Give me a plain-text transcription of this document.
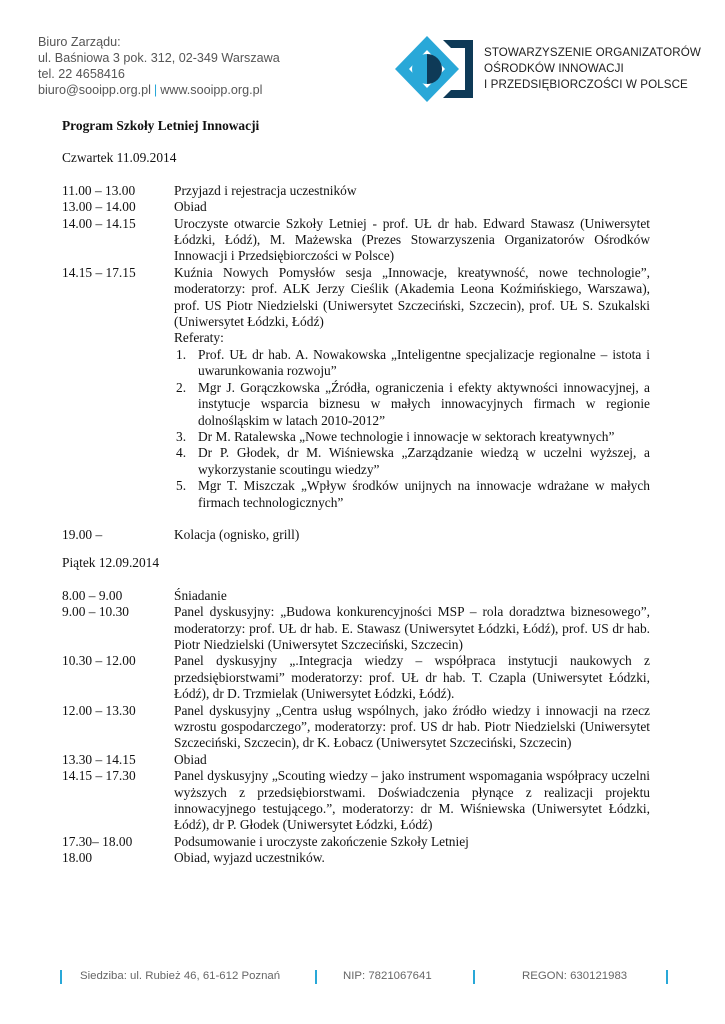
Biuro Zarządu:
ul. Baśniowa 3 pok. 312, 02-349 Warszawa
tel. 22 4658416
biuro@sooipp.org.pl | www.sooipp.org.pl
STOWARZYSZENIE ORGANIZATORÓW
OŚRODKÓW INNOWACJI
I PRZEDSIĘBIORCZOŚCI W POLSCE
Program Szkoły Letniej Innowacji
Czwartek 11.09.2014
11.00 – 13.00	Przyjazd i rejestracja uczestników
13.00 – 14.00	Obiad
14.00 – 14.15	Uroczyste otwarcie Szkoły Letniej - prof. UŁ dr hab. Edward Stawasz (Uniwersytet Łódzki, Łódź), M. Mażewska (Prezes Stowarzyszenia Organizatorów Ośrodków Innowacji i Przedsiębiorczości w Polsce)
14.15 – 17.15	Kuźnia Nowych Pomysłów sesja „Innowacje, kreatywność, nowe technologie”, moderatorzy: prof. ALK Jerzy Cieślik (Akademia Leona Koźmińskiego, Warszawa), prof. US Piotr Niedzielski (Uniwersytet Szczeciński, Szczecin), prof. UŁ S. Szukalski (Uniwersytet Łódzki, Łódź)
Referaty:
1. Prof. UŁ dr hab. A. Nowakowska „Inteligentne specjalizacje regionalne – istota i uwarunkowania rozwoju”
2. Mgr J. Gorączkowska „Źródła, ograniczenia i efekty aktywności innowacyjnej, a instytucje wsparcia biznesu w małych innowacyjnych firmach w regionie dolnośląskim w latach 2010-2012”
3. Dr M. Ratalewska „Nowe technologie i innowacje w sektorach kreatywnych”
4. Dr P. Głodek, dr M. Wiśniewska „Zarządzanie wiedzą w uczelni wyższej, a wykorzystanie scoutingu wiedzy”
5. Mgr T. Miszczak „Wpływ środków unijnych na innowacje wdrażane w małych firmach technologicznych”
19.00 –	Kolacja (ognisko, grill)
Piątek 12.09.2014
8.00 – 9.00	Śniadanie
9.00 – 10.30	Panel dyskusyjny: „Budowa konkurencyjności MSP – rola doradztwa biznesowego”, moderatorzy: prof. UŁ dr hab. E. Stawasz (Uniwersytet Łódzki, Łódź), prof. US dr hab. Piotr Niedzielski (Uniwersytet Szczeciński, Szczecin)
10.30 – 12.00	Panel dyskusyjny „.Integracja wiedzy – współpraca instytucji naukowych z przedsiębiorstwami” moderatorzy: prof. UŁ dr hab. T. Czapla (Uniwersytet Łódzki, Łódź), dr D. Trzmielak (Uniwersytet Łódzki, Łódź).
12.00 – 13.30	Panel dyskusyjny „Centra usług wspólnych, jako źródło wiedzy i innowacji na rzecz wzrostu gospodarczego”, moderatorzy: prof. US dr hab. Piotr Niedzielski (Uniwersytet Szczeciński, Szczecin), dr K. Łobacz (Uniwersytet Szczeciński, Szczecin)
13.30 – 14.15	Obiad
14.15 – 17.30	Panel dyskusyjny „Scouting wiedzy – jako instrument wspomagania współpracy uczelni wyższych z przedsiębiorstwami. Doświadczenia płynące z realizacji projektu innowacyjnego testującego.”, moderatorzy: dr M. Wiśniewska (Uniwersytet Łódzki, Łódź), dr P. Głodek (Uniwersytet Łódzki, Łódź)
17.30– 18.00	Podsumowanie i uroczyste zakończenie Szkoły Letniej
18.00	Obiad, wyjazd uczestników.
Siedziba: ul. Rubież 46, 61-612 Poznań	NIP: 7821067641	REGON: 630121983
